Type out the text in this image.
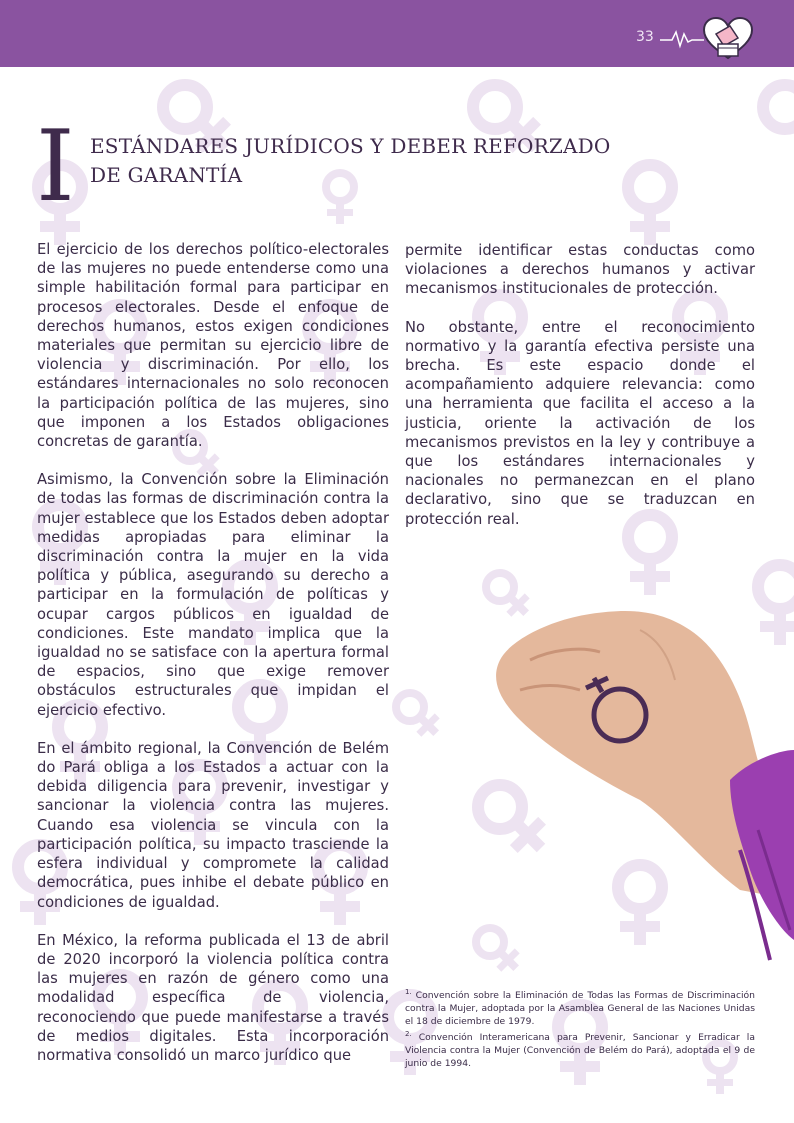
33
I ESTÁNDARES JURÍDICOS Y DEBER REFORZADO
DE GARANTÍA

El ejercicio de los derechos político-electorales de las mujeres no puede entenderse como una simple habilitación formal para participar en procesos electorales. Desde el enfoque de derechos humanos, estos exigen condiciones materiales que permitan su ejercicio libre de violencia y discriminación. Por ello, los estándares internacionales no solo reconocen la participación política de las mujeres, sino que imponen a los Estados obligaciones concretas de garantía.

Asimismo, la Convención sobre la Eliminación de todas las formas de discriminación contra la mujer establece que los Estados deben adoptar medidas apropiadas para eliminar la discriminación contra la mujer en la vida política y pública, asegurando su derecho a participar en la formulación de políticas y ocupar cargos públicos en igualdad de condiciones. Este mandato implica que la igualdad no se satisface con la apertura formal de espacios, sino que exige remover obstáculos estructurales que impidan el ejercicio efectivo.

En el ámbito regional, la Convención de Belém do Pará obliga a los Estados a actuar con la debida diligencia para prevenir, investigar y sancionar la violencia contra las mujeres. Cuando esa violencia se vincula con la participación política, su impacto trasciende la esfera individual y compromete la calidad democrática, pues inhibe el debate público en condiciones de igualdad.

En México, la reforma publicada el 13 de abril de 2020 incorporó la violencia política contra las mujeres en razón de género como una modalidad específica de violencia, reconociendo que puede manifestarse a través de medios digitales. Esta incorporación normativa consolidó un marco jurídico que

permite identificar estas conductas como violaciones a derechos humanos y activar mecanismos institucionales de protección.

No obstante, entre el reconocimiento normativo y la garantía efectiva persiste una brecha. Es este espacio donde el acompañamiento adquiere relevancia: como una herramienta que facilita el acceso a la justicia, oriente la activación de los mecanismos previstos en la ley y contribuye a que los estándares internacionales y nacionales no permanezcan en el plano declarativo, sino que se traduzcan en protección real.

$^{1.}$ Convención sobre la Eliminación de Todas las Formas de Discriminación contra la Mujer, adoptada por la Asamblea General de las Naciones Unidas el 18 de diciembre de 1979.

$^{2.}$ Convención Interamericana para Prevenir, Sancionar y Erradicar la Violencia contra la Mujer (Convención de Belém do Pará), adoptada el 9 de junio de 1994.
